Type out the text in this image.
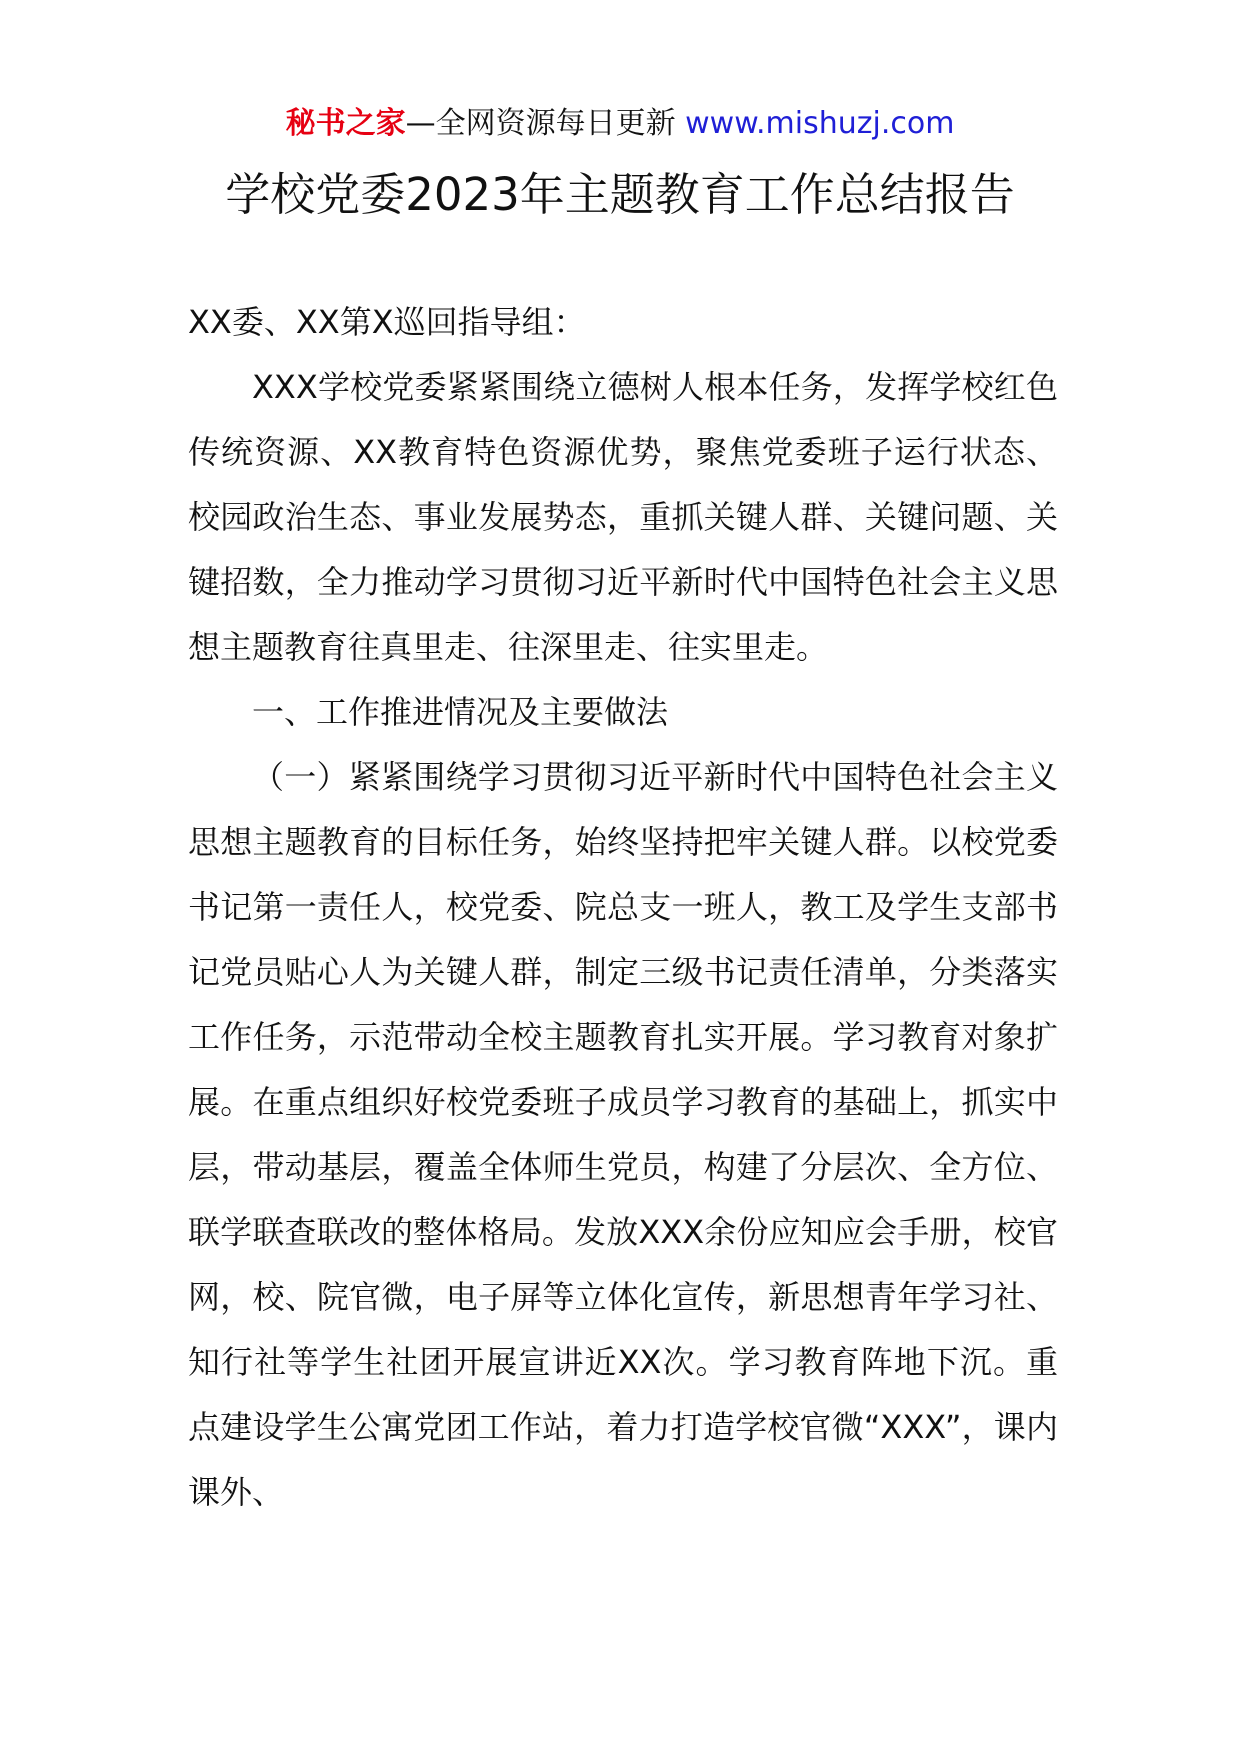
秘书之家—全网资源每日更新 www.mishuzj.com
学校党委2023年主题教育工作总结报告

XX委、XX第X巡回指导组：

XXX学校党委紧紧围绕立德树人根本任务，发挥学校红色传统资源、XX教育特色资源优势，聚焦党委班子运行状态、校园政治生态、事业发展势态，重抓关键人群、关键问题、关键招数，全力推动学习贯彻习近平新时代中国特色社会主义思想主题教育往真里走、往深里走、往实里走。

一、工作推进情况及主要做法

（一）紧紧围绕学习贯彻习近平新时代中国特色社会主义思想主题教育的目标任务，始终坚持把牢关键人群。以校党委书记第一责任人，校党委、院总支一班人，教工及学生支部书记党员贴心人为关键人群，制定三级书记责任清单，分类落实工作任务，示范带动全校主题教育扎实开展。学习教育对象扩展。在重点组织好校党委班子成员学习教育的基础上，抓实中层，带动基层，覆盖全体师生党员，构建了分层次、全方位、联学联查联改的整体格局。发放XXX余份应知应会手册，校官网，校、院官微，电子屏等立体化宣传，新思想青年学习社、知行社等学生社团开展宣讲近XX次。学习教育阵地下沉。重点建设学生公寓党团工作站，着力打造学校官微“XXX”，课内课外、
